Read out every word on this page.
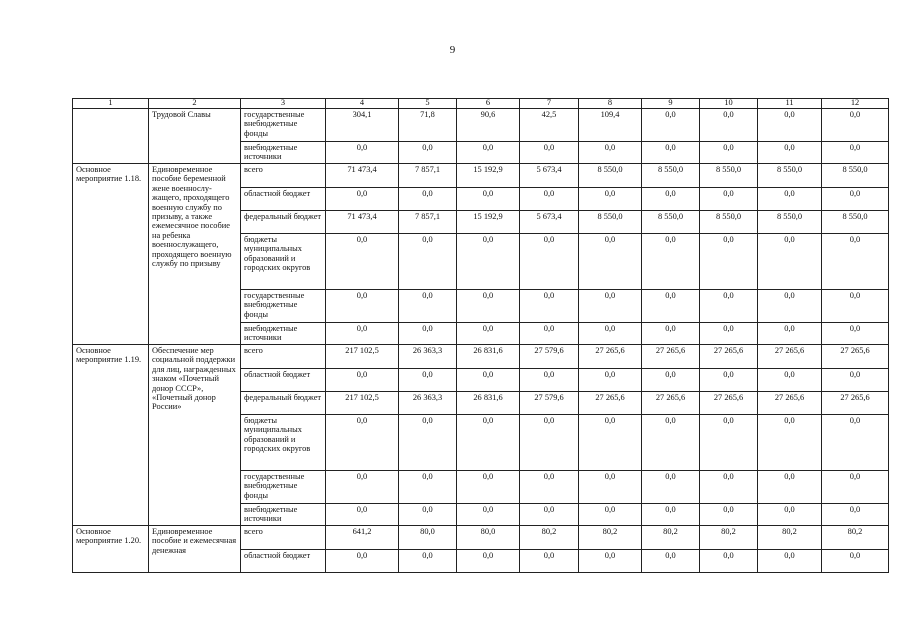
9
1	2	3	4	5	6	7	8	9	10	11	12
	Трудовой Славы	государственные внебюджетные фонды	304,1	71,8	90,6	42,5	109,4	0,0	0,0	0,0	0,0
		внебюджетные источники	0,0	0,0	0,0	0,0	0,0	0,0	0,0	0,0	0,0
Основное мероприятие 1.18.	Единовременное пособие беременной жене военнослу-жащего, проходящего военную службу по призыву, а также ежемесячное пособие на ребенка военнослужащего, проходящего военную службу по призыву	всего	71 473,4	7 857,1	15 192,9	5 673,4	8 550,0	8 550,0	8 550,0	8 550,0	8 550,0
		областной бюджет	0,0	0,0	0,0	0,0	0,0	0,0	0,0	0,0	0,0
		федеральный бюджет	71 473,4	7 857,1	15 192,9	5 673,4	8 550,0	8 550,0	8 550,0	8 550,0	8 550,0
		бюджеты муниципальных образований и городских округов	0,0	0,0	0,0	0,0	0,0	0,0	0,0	0,0	0,0
		государственные внебюджетные фонды	0,0	0,0	0,0	0,0	0,0	0,0	0,0	0,0	0,0
		внебюджетные источники	0,0	0,0	0,0	0,0	0,0	0,0	0,0	0,0	0,0
Основное мероприятие 1.19.	Обеспечение мер социальной поддержки для лиц, награжденных знаком «Почетный донор СССР», «Почетный донор России»	всего	217 102,5	26 363,3	26 831,6	27 579,6	27 265,6	27 265,6	27 265,6	27 265,6	27 265,6
		областной бюджет	0,0	0,0	0,0	0,0	0,0	0,0	0,0	0,0	0,0
		федеральный бюджет	217 102,5	26 363,3	26 831,6	27 579,6	27 265,6	27 265,6	27 265,6	27 265,6	27 265,6
		бюджеты муниципальных образований и городских округов	0,0	0,0	0,0	0,0	0,0	0,0	0,0	0,0	0,0
		государственные внебюджетные фонды	0,0	0,0	0,0	0,0	0,0	0,0	0,0	0,0	0,0
		внебюджетные источники	0,0	0,0	0,0	0,0	0,0	0,0	0,0	0,0	0,0
Основное мероприятие 1.20.	Единовременное пособие и ежемесячная денежная	всего	641,2	80,0	80,0	80,2	80,2	80,2	80,2	80,2	80,2
		областной бюджет	0,0	0,0	0,0	0,0	0,0	0,0	0,0	0,0	0,0
